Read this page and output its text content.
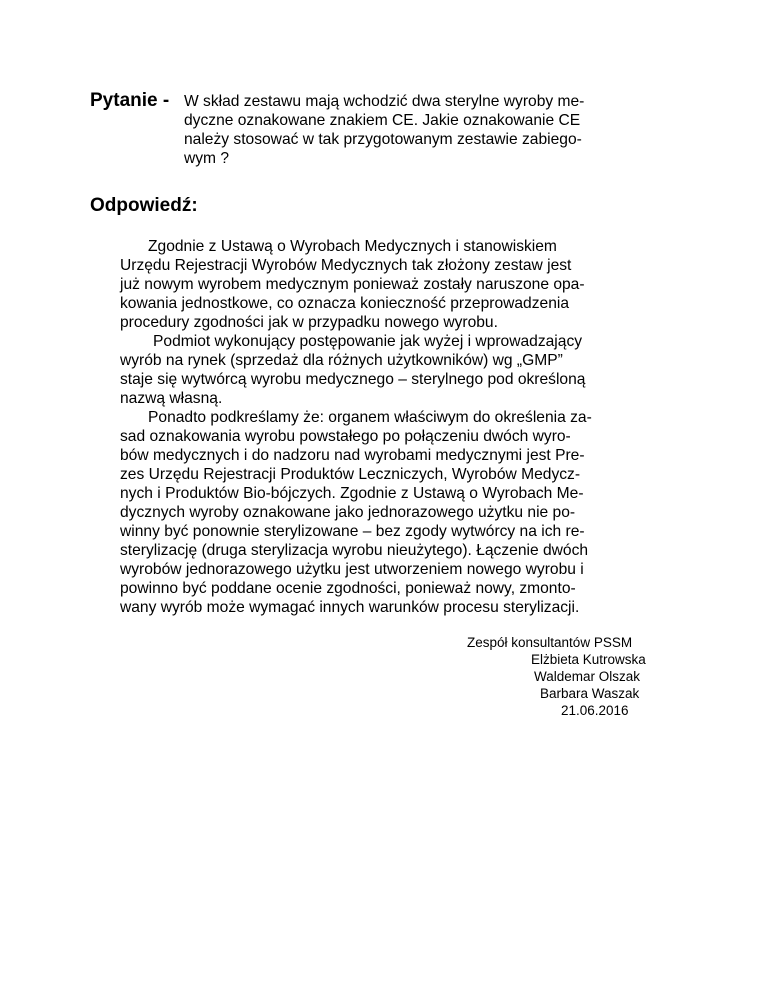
Pytanie - W skład zestawu mają wchodzić dwa sterylne wyroby me-
dyczne oznakowane znakiem CE. Jakie oznakowanie CE
należy stosować w tak przygotowanym zestawie zabiego-
wym ?
Odpowiedź:
Zgodnie z Ustawą o Wyrobach Medycznych i stanowiskiem
Urzędu Rejestracji Wyrobów Medycznych tak złożony zestaw jest
już nowym wyrobem medycznym ponieważ zostały naruszone opa-
kowania jednostkowe, co oznacza konieczność przeprowadzenia
procedury zgodności jak w przypadku nowego wyrobu.
Podmiot wykonujący postępowanie jak wyżej i wprowadzający
wyrób na rynek (sprzedaż dla różnych użytkowników) wg „GMP”
staje się wytwórcą wyrobu medycznego – sterylnego pod określoną
nazwą własną.
Ponadto podkreślamy że: organem właściwym do określenia za-
sad oznakowania wyrobu powstałego po połączeniu dwóch wyro-
bów medycznych i do nadzoru nad wyrobami medycznymi jest Pre-
zes Urzędu Rejestracji Produktów Leczniczych, Wyrobów Medycz-
nych i Produktów Bio-bójczych. Zgodnie z Ustawą o Wyrobach Me-
dycznych wyroby oznakowane jako jednorazowego użytku nie po-
winny być ponownie sterylizowane – bez zgody wytwórcy na ich re-
sterylizację (druga sterylizacja wyrobu nieużytego). Łączenie dwóch
wyrobów jednorazowego użytku jest utworzeniem nowego wyrobu i
powinno być poddane ocenie zgodności, ponieważ nowy, zmonto-
wany wyrób może wymagać innych warunków procesu sterylizacji.
Zespół konsultantów PSSM
Elżbieta Kutrowska
Waldemar Olszak
Barbara Waszak
21.06.2016
